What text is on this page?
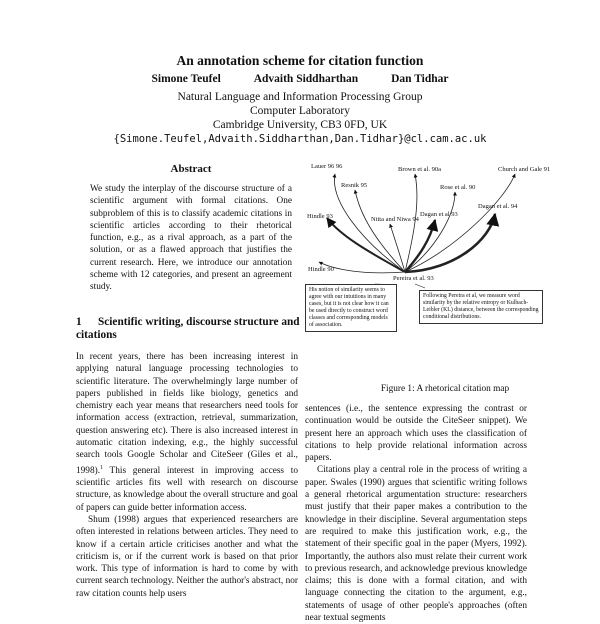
An annotation scheme for citation function
Simone Teufel	Advaith Siddharthan	Dan Tidhar
Natural Language and Information Processing Group
Computer Laboratory
Cambridge University, CB3 0FD, UK
{Simone.Teufel,Advaith.Siddharthan,Dan.Tidhar}@cl.cam.ac.uk
Abstract

We study the interplay of the discourse structure of a scientific argument with formal citations. One subproblem of this is to classify academic citations in scientific articles according to their rhetorical function, e.g., as a rival approach, as a part of the solution, or as a flawed approach that justifies the current research. Here, we introduce our annotation scheme with 12 categories, and present an agreement study.

1 Scientific writing, discourse structure and citations

In recent years, there has been increasing interest in applying natural language processing technologies to scientific literature. The overwhelmingly large number of papers published in fields like biology, genetics and chemistry each year means that researchers need tools for information access (extraction, retrieval, summarization, question answering etc). There is also increased interest in automatic citation indexing, e.g., the highly successful search tools Google Scholar and CiteSeer (Giles et al., 1998).$^1$ This general interest in improving access to scientific articles fits well with research on discourse structure, as knowledge about the overall structure and goal of papers can guide better information access.

Shum (1998) argues that experienced researchers are often interested in relations between articles. They need to know if a certain article criticises another and what the criticism is, or if the current work is based on that prior work. This type of information is hard to come by with current search technology. Neither the author's abstract, nor raw citation counts help users

Lauer 96 96
Resnik 95
Brown et al. 90a	Church and Gale 91
Rose et al. 90
Hindle 93	Nitta and Niwa 94
Dagan et al 93
Dagan et al. 94
Hindle 90
Pereira et al. 93
His notion of similarity seems to agree with our intuitions in many cases, but it is not clear how it can be used directly to construct word classes and corresponding models of association.
Following Pereira et al, we measure word similarity by the relative entropy or Kulbach-Leibler (KL) distance, between the corresponding conditional distributions.
Figure 1: A rhetorical citation map

sentences (i.e., the sentence expressing the contrast or continuation would be outside the CiteSeer snippet). We present here an approach which uses the classification of citations to help provide relational information across papers.

Citations play a central role in the process of writing a paper. Swales (1990) argues that scientific writing follows a general rhetorical argumentation structure: researchers must justify that their paper makes a contribution to the knowledge in their discipline. Several argumentation steps are required to make this justification work, e.g., the statement of their specific goal in the paper (Myers, 1992). Importantly, the authors also must relate their current work to previous research, and acknowledge previous knowledge claims; this is done with a formal citation, and with language connecting the citation to the argument, e.g., statements of usage of other people's approaches (often near textual segments
